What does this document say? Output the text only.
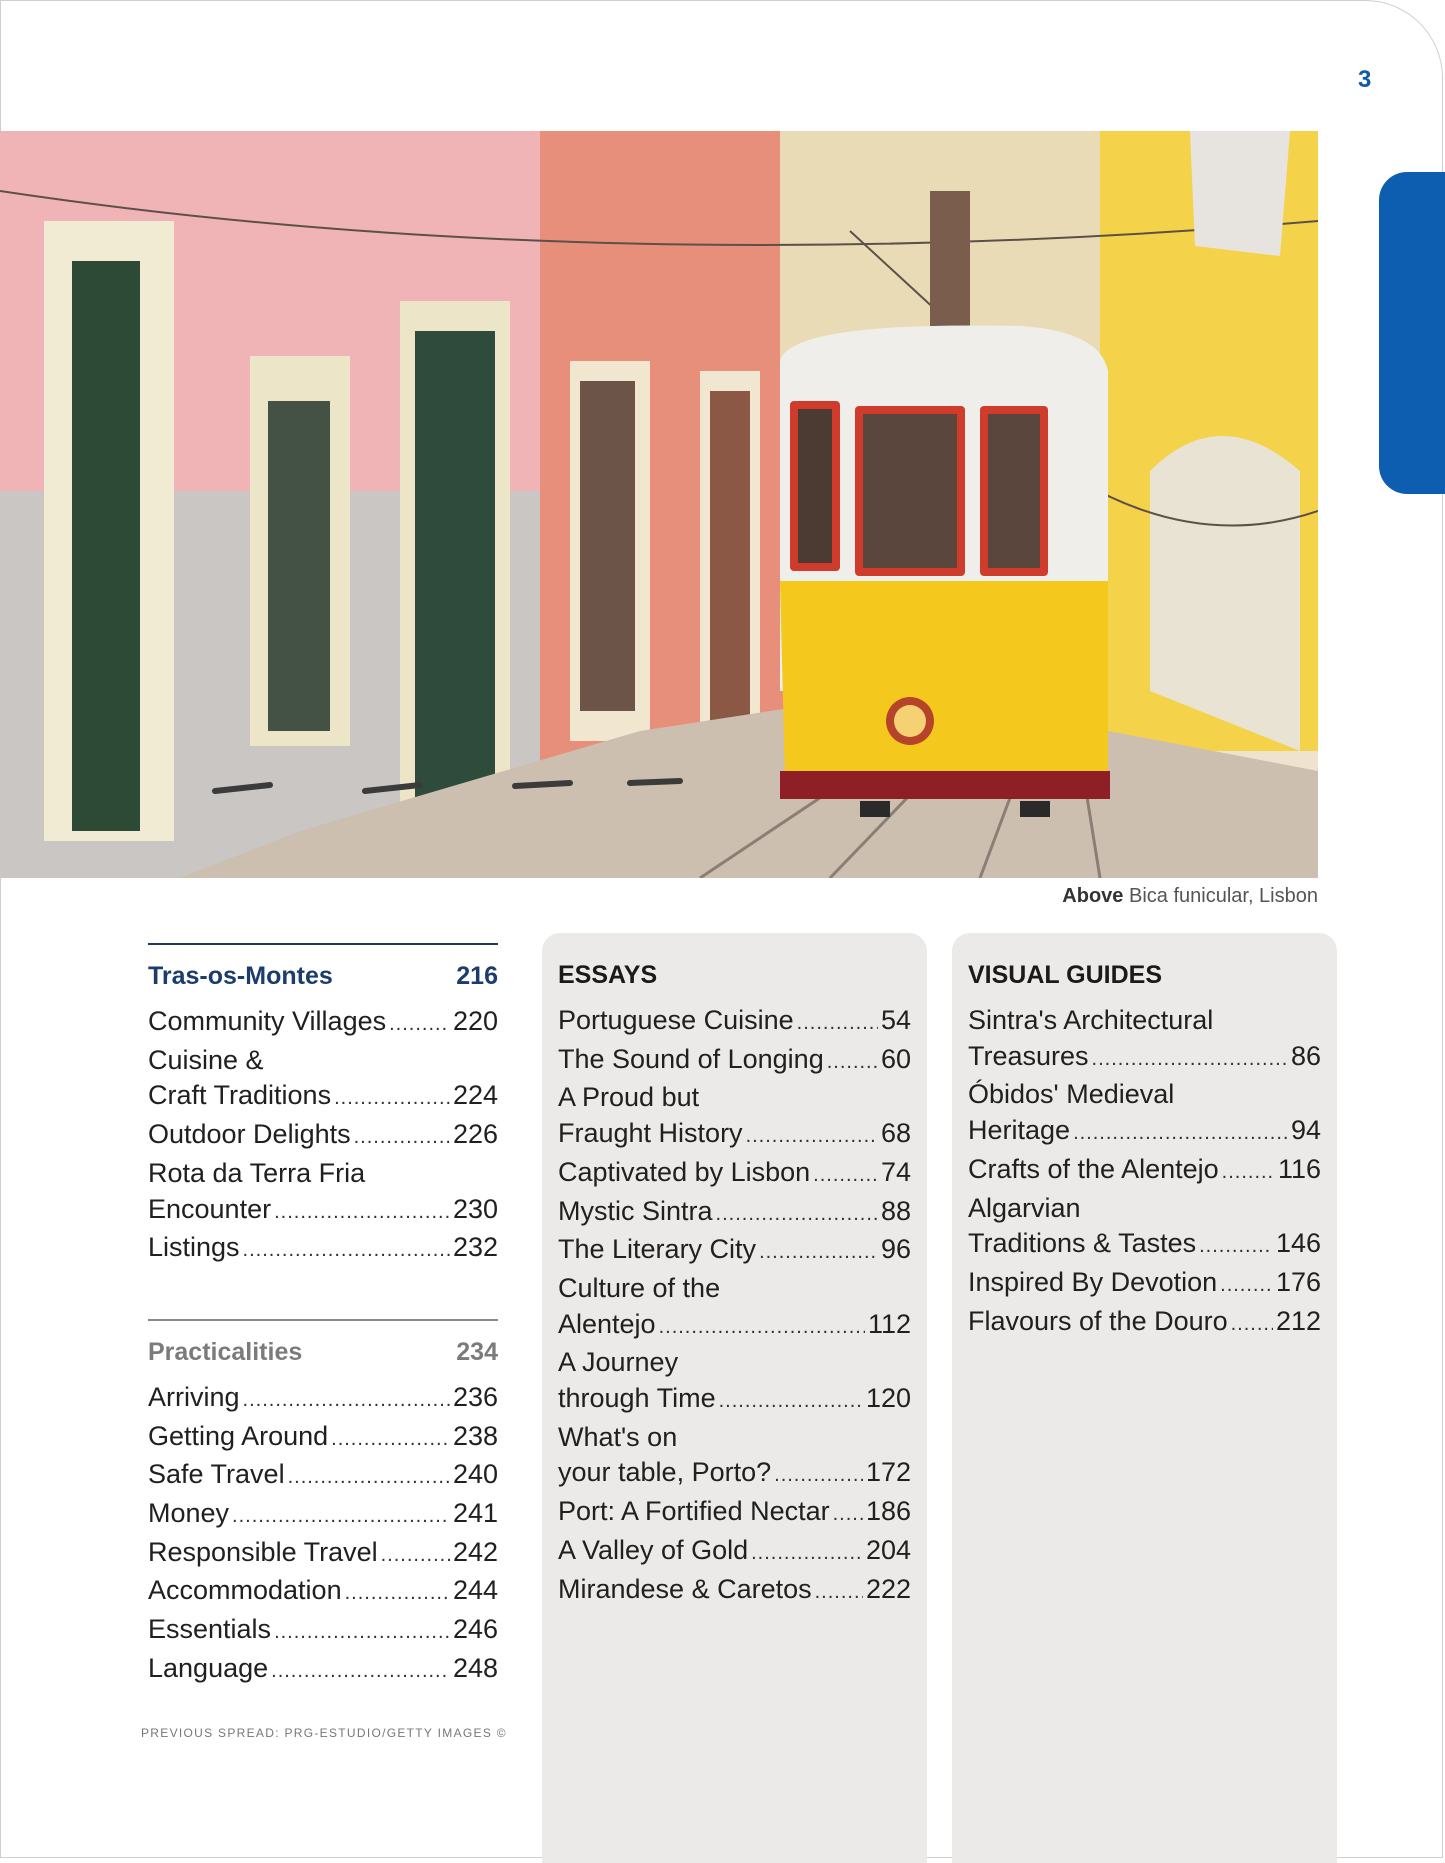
3
Above Bica funicular, Lisbon
Tras-os-Montes	216
Community Villages ..... 220
Cuisine &
Craft Traditions .....	224
Outdoor Delights .....	226
Rota da Terra Fria
Encounter .....	230
Listings .....	232
Practicalities	234
Arriving .....	236
Getting Around .....	238
Safe Travel .....	240
Money .....	241
Responsible Travel .....	242
Accommodation .....	244
Essentials .....	246
Language .....	248
ESSAYS
Portuguese Cuisine .....	54
The Sound of Longing ..... 60
A Proud but
Fraught History .....	68
Captivated by Lisbon .....	74
Mystic Sintra .....	88
The Literary City .....	96
Culture of the
Alentejo .....	112
A Journey
through Time .....	120
What's on
your table, Porto? .....	172
Port: A Fortified Nectar ..... 186
A Valley of Gold .....	204
Mirandese & Caretos ..... 222
VISUAL GUIDES
Sintra's Architectural
Treasures .....	86
Óbidos' Medieval
Heritage .....	94
Crafts of the Alentejo ..... 116
Algarvian
Traditions & Tastes .....	146
Inspired By Devotion ..... 176
Flavours of the Douro ..... 212
PREVIOUS SPREAD: PRG-ESTUDIO/GETTY IMAGES ©
